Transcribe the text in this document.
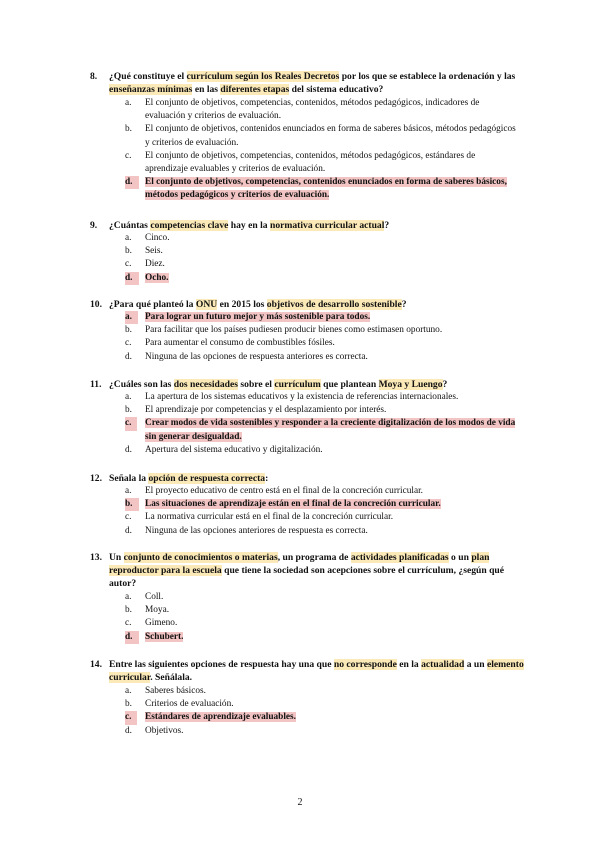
8.	¿Qué constituye el currículum según los Reales Decretos por los que se establece la ordenación y las enseñanzas mínimas en las diferentes etapas del sistema educativo?
a. El conjunto de objetivos, competencias, contenidos, métodos pedagógicos, indicadores de evaluación y criterios de evaluación.
b. El conjunto de objetivos, contenidos enunciados en forma de saberes básicos, métodos pedagógicos y criterios de evaluación.
c. El conjunto de objetivos, competencias, contenidos, métodos pedagógicos, estándares de aprendizaje evaluables y criterios de evaluación.
d.	El conjunto de objetivos, competencias, contenidos enunciados en forma de saberes básicos, métodos pedagógicos y criterios de evaluación.
9.	¿Cuántas competencias clave hay en la normativa curricular actual?
a. Cinco.
b. Seis.
c. Diez.
d.	Ocho.
10. ¿Para qué planteó la ONU en 2015 los objetivos de desarrollo sostenible?
a.	Para lograr un futuro mejor y más sostenible para todos.
b. Para facilitar que los países pudiesen producir bienes como estimasen oportuno.
c. Para aumentar el consumo de combustibles fósiles.
d. Ninguna de las opciones de respuesta anteriores es correcta.
11. ¿Cuáles son las dos necesidades sobre el currículum que plantean Moya y Luengo?
a. La apertura de los sistemas educativos y la existencia de referencias internacionales.
b. El aprendizaje por competencias y el desplazamiento por interés.
c.	Crear modos de vida sostenibles y responder a la creciente digitalización de los modos de vida sin generar desigualdad.
d. Apertura del sistema educativo y digitalización.
12. Señala la opción de respuesta correcta:
a. El proyecto educativo de centro está en el final de la concreción curricular.
b.	Las situaciones de aprendizaje están en el final de la concreción curricular.
c. La normativa curricular está en el final de la concreción curricular.
d. Ninguna de las opciones anteriores de respuesta es correcta.
13. Un conjunto de conocimientos o materias, un programa de actividades planificadas o un plan reproductor para la escuela que tiene la sociedad son acepciones sobre el currículum, ¿según qué autor?
a. Coll.
b. Moya.
c. Gimeno.
d.	Schubert.
14. Entre las siguientes opciones de respuesta hay una que no corresponde en la actualidad a un elemento curricular. Señálala.
a. Saberes básicos.
b. Criterios de evaluación.
c.	Estándares de aprendizaje evaluables.
d. Objetivos.
2
